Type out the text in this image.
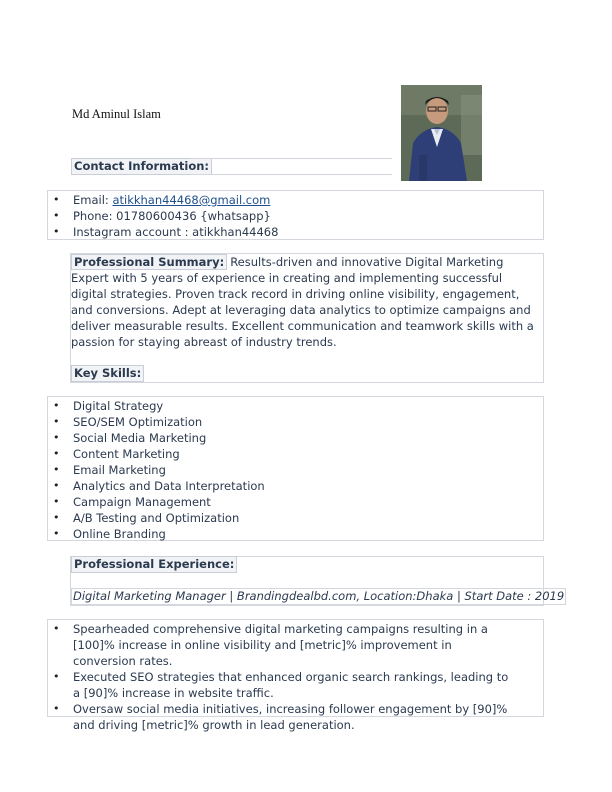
Md Aminul Islam
Contact Information:
• Email: atikkhan44468@gmail.com
• Phone: 01780600436 {whatsapp}
• Instagram account : atikkhan44468
Professional Summary: Results-driven and innovative Digital Marketing Expert with 5 years of experience in creating and implementing successful digital strategies. Proven track record in driving online visibility, engagement, and conversions. Adept at leveraging data analytics to optimize campaigns and deliver measurable results. Excellent communication and teamwork skills with a passion for staying abreast of industry trends.
Key Skills:
• Digital Strategy
• SEO/SEM Optimization
• Social Media Marketing
• Content Marketing
• Email Marketing
• Analytics and Data Interpretation
• Campaign Management
• A/B Testing and Optimization
• Online Branding
Professional Experience:
Digital Marketing Manager | Brandingdealbd.com, Location:Dhaka | Start Date : 2019
• Spearheaded comprehensive digital marketing campaigns resulting in a [100]% increase in online visibility and [metric]% improvement in conversion rates.
• Executed SEO strategies that enhanced organic search rankings, leading to a [90]% increase in website traffic.
• Oversaw social media initiatives, increasing follower engagement by [90]% and driving [metric]% growth in lead generation.
